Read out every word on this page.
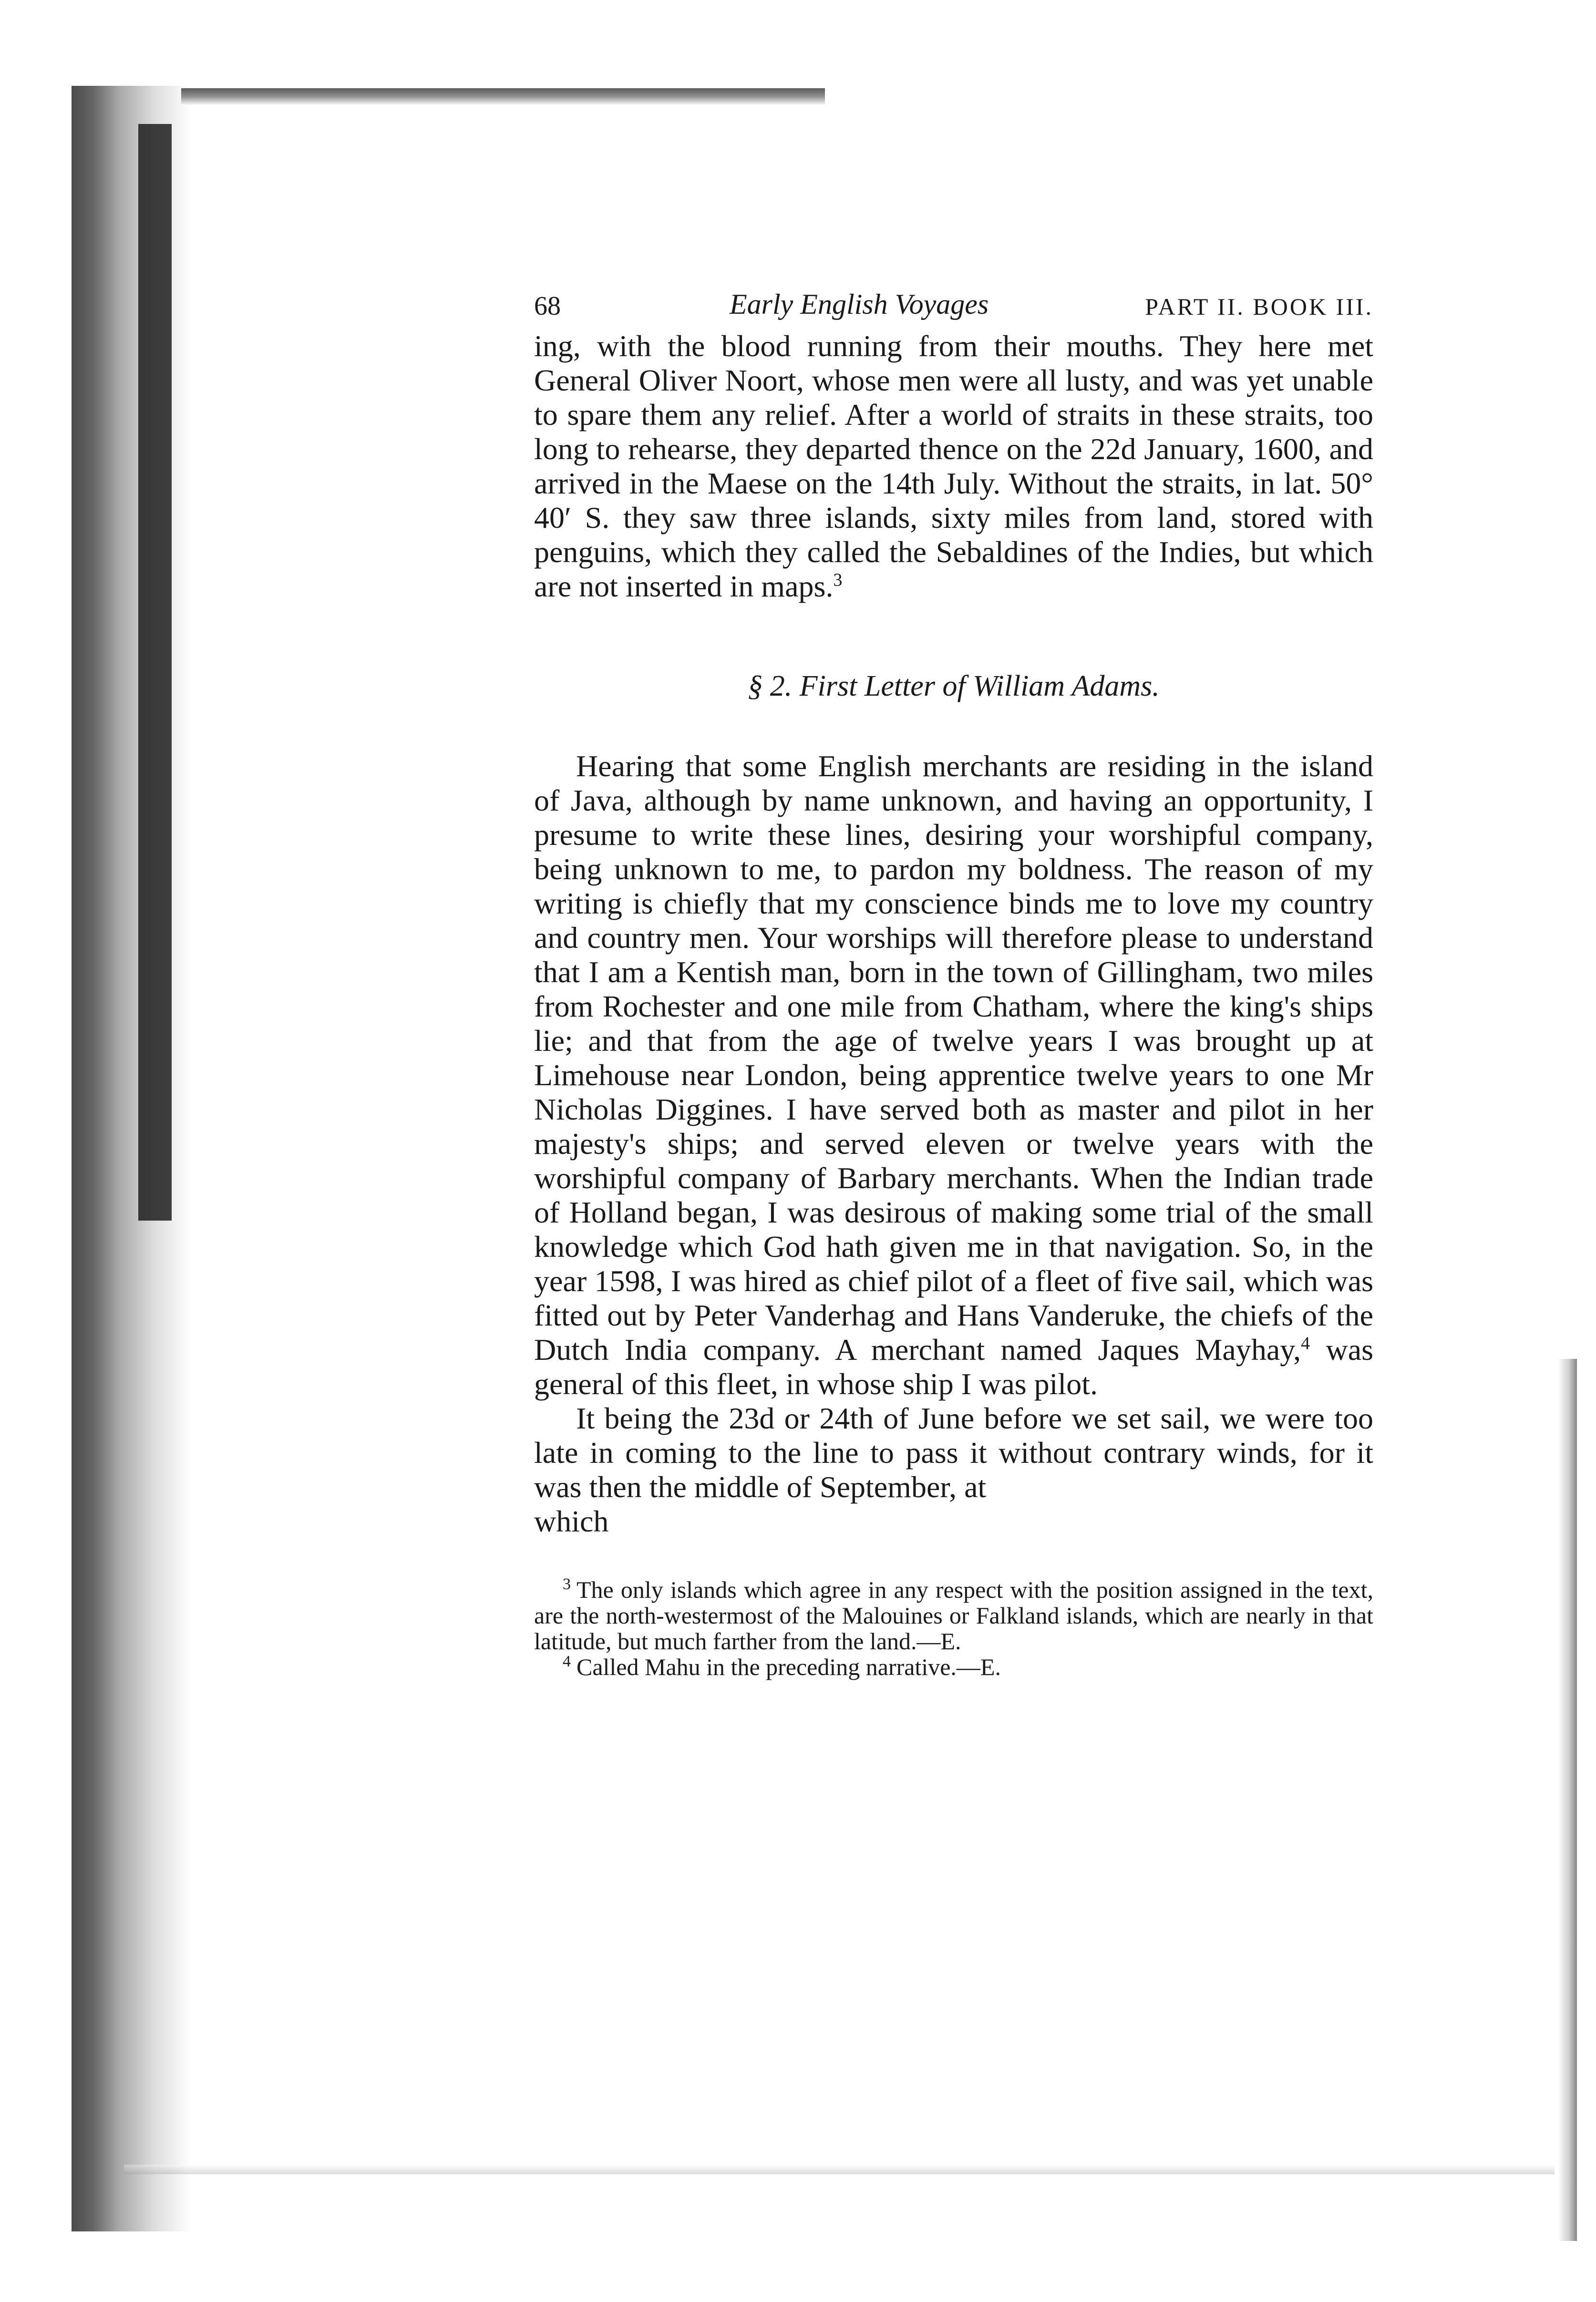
68	Early English Voyages	PART II. BOOK III.

ing, with the blood running from their mouths. They here met General Oliver Noort, whose men were all lusty, and was yet unable to spare them any relief. After a world of straits in these straits, too long to rehearse, they departed thence on the 22d January, 1600, and arrived in the Maese on the 14th July. Without the straits, in lat. 50° 40′ S. they saw three islands, sixty miles from land, stored with penguins, which they called the Sebaldines of the Indies, but which are not inserted in maps.$^3$

§ 2. First Letter of William Adams.

Hearing that some English merchants are residing in the island of Java, although by name unknown, and having an opportunity, I presume to write these lines, desiring your worshipful company, being unknown to me, to pardon my boldness. The reason of my writing is chiefly that my conscience binds me to love my country and country men. Your worships will therefore please to understand that I am a Kentish man, born in the town of Gillingham, two miles from Rochester and one mile from Chatham, where the king's ships lie; and that from the age of twelve years I was brought up at Limehouse near London, being apprentice twelve years to one Mr Nicholas Diggines. I have served both as master and pilot in her majesty's ships; and served eleven or twelve years with the worshipful company of Barbary merchants. When the Indian trade of Holland began, I was desirous of making some trial of the small knowledge which God hath given me in that navigation. So, in the year 1598, I was hired as chief pilot of a fleet of five sail, which was fitted out by Peter Vanderhag and Hans Vanderuke, the chiefs of the Dutch India company. A merchant named Jaques Mayhay,$^4$ was general of this fleet, in whose ship I was pilot.

It being the 23d or 24th of June before we set sail, we were too late in coming to the line to pass it without contrary winds, for it was then the middle of September, at

which

$^3$ The only islands which agree in any respect with the position assigned in the text, are the north-westermost of the Malouines or Falkland islands, which are nearly in that latitude, but much farther from the land.—E.

$^4$ Called Mahu in the preceding narrative.—E.
